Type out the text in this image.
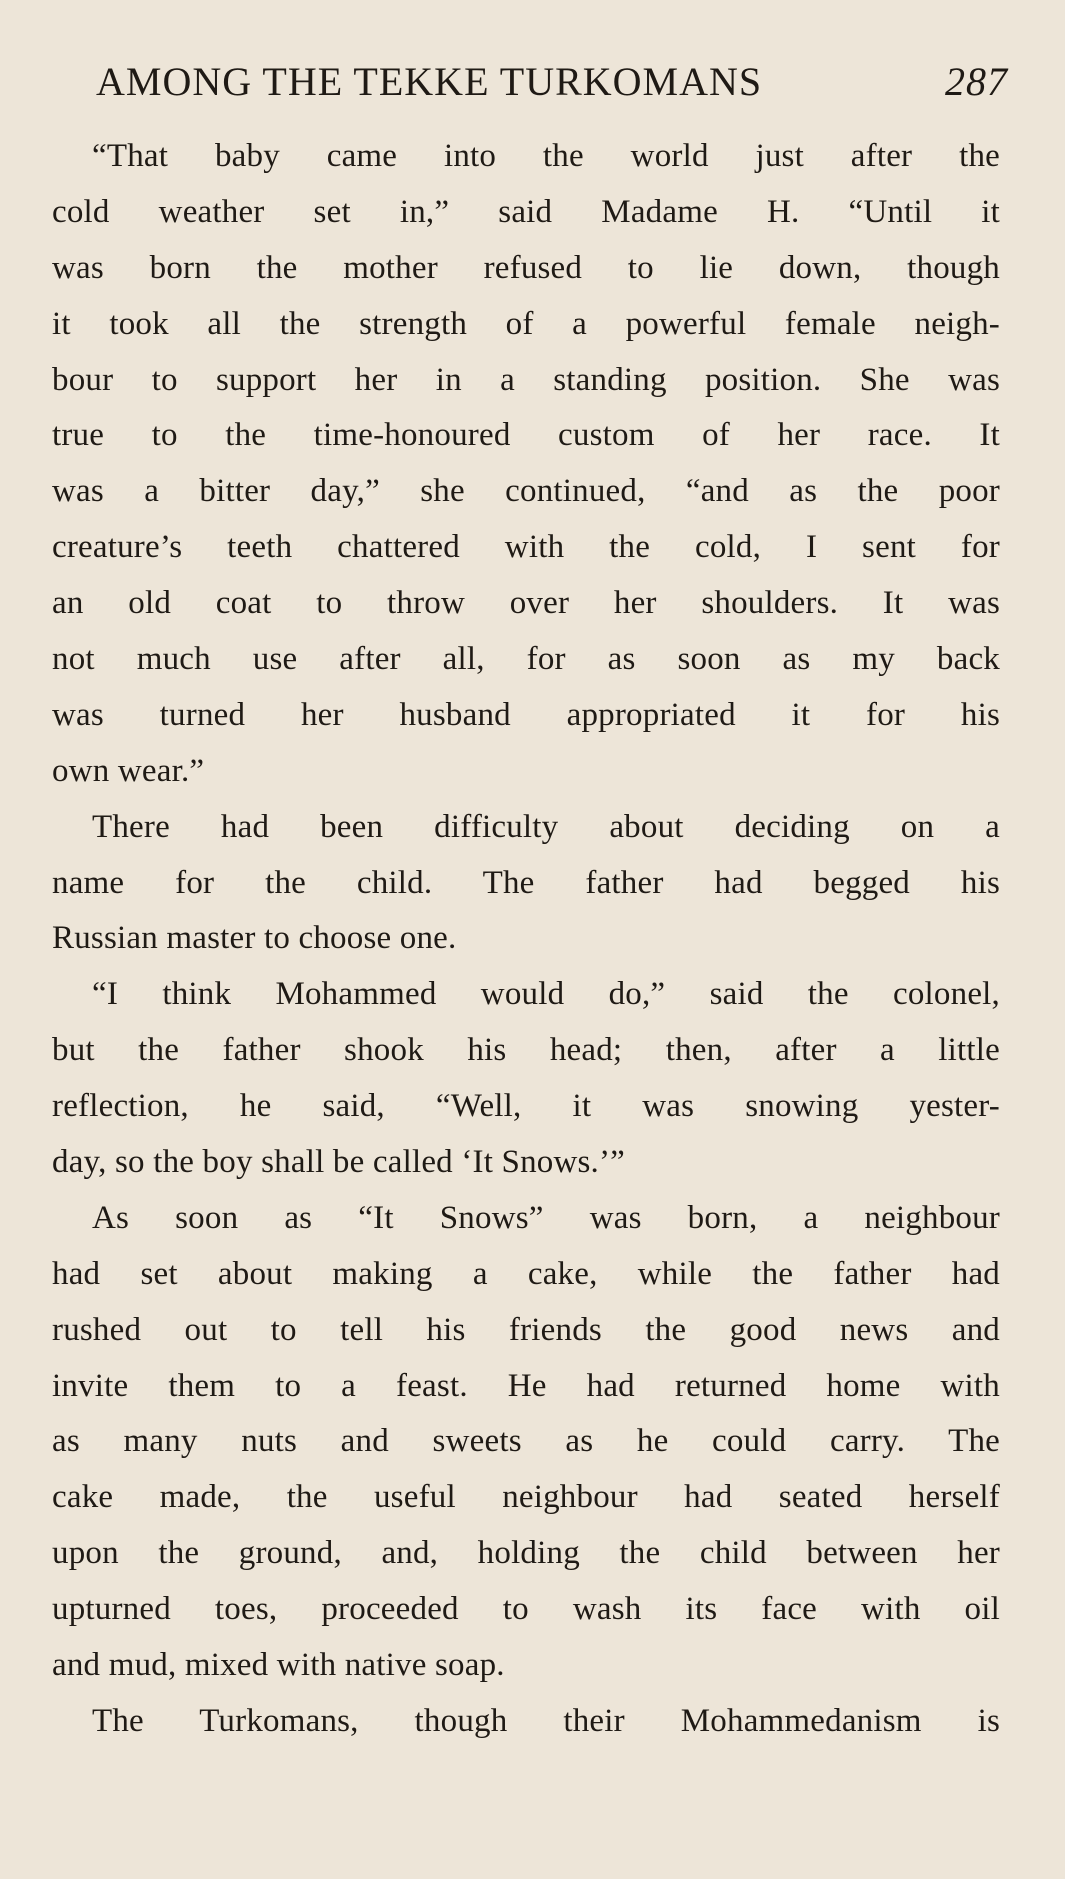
AMONG THE TEKKE TURKOMANS	287
“That baby came into the world just after the
cold weather set in,” said Madame H. “Until it
was born the mother refused to lie down, though
it took all the strength of a powerful female neigh-
bour to support her in a standing position. She was
true to the time-honoured custom of her race. It
was a bitter day,” she continued, “and as the poor
creature’s teeth chattered with the cold, I sent for
an old coat to throw over her shoulders. It was
not much use after all, for as soon as my back
was turned her husband appropriated it for his
own wear.”
There had been difficulty about deciding on a
name for the child. The father had begged his
Russian master to choose one.
“I think Mohammed would do,” said the colonel,
but the father shook his head; then, after a little
reflection, he said, “Well, it was snowing yester-
day, so the boy shall be called ‘It Snows.’”
As soon as “It Snows” was born, a neighbour
had set about making a cake, while the father had
rushed out to tell his friends the good news and
invite them to a feast. He had returned home with
as many nuts and sweets as he could carry. The
cake made, the useful neighbour had seated herself
upon the ground, and, holding the child between her
upturned toes, proceeded to wash its face with oil
and mud, mixed with native soap.
The Turkomans, though their Mohammedanism is
